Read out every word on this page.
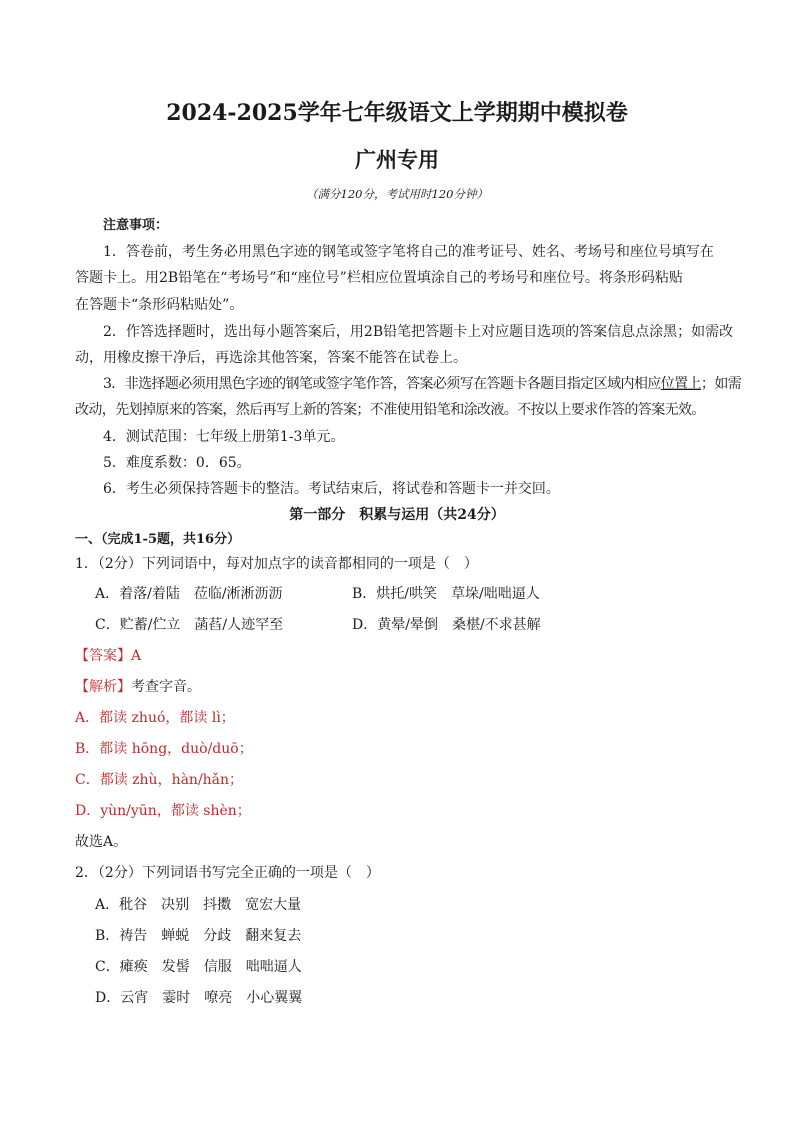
2024-2025学年七年级语文上学期期中模拟卷
广州专用
（满分120分，考试用时120分钟）
注意事项：
1．答卷前，考生务必用黑色字迹的钢笔或签字笔将自己的准考证号、姓名、考场号和座位号填写在
答题卡上。用2B铅笔在“考场号”和“座位号”栏相应位置填涂自己的考场号和座位号。将条形码粘贴
在答题卡“条形码粘贴处”。
2．作答选择题时，选出每小题答案后，用2B铅笔把答题卡上对应题目选项的答案信息点涂黑；如需改
动，用橡皮擦干净后，再选涂其他答案，答案不能答在试卷上。
3．非选择题必须用黑色字迹的钢笔或签字笔作答，答案必须写在答题卡各题目指定区域内相应位置上；如需
改动，先划掉原来的答案，然后再写上新的答案；不准使用铅笔和涂改液。不按以上要求作答的答案无效。
4．测试范围：七年级上册第1-3单元。
5．难度系数：0．65。
6．考生必须保持答题卡的整洁。考试结束后，将试卷和答题卡一并交回。
第一部分　积累与运用（共24分）
一、（完成1-5题，共16分）
1．（2分）下列词语中，每对加点字的读音都相同的一项是（　）
A．着落/着陆　莅临/淅淅沥沥	B．烘托/哄笑　草垛/咄咄逼人
C．贮蓄/伫立　菡萏/人迹罕至	D．黄晕/晕倒　桑椹/不求甚解
【答案】A
【解析】考查字音。
A．都读 zhuó，都读 lì；
B．都读 hōng，duò/duō；
C．都读 zhù，hàn/hǎn；
D．yùn/yūn，都读 shèn；
故选A。
2．（2分）下列词语书写完全正确的一项是（　）
A．秕谷　决别　抖擞　宽宏大量
B．祷告　蝉蜕　分歧　翻来复去
C．瘫痪　发髻　信服　咄咄逼人
D．云宵　霎时　嘹亮　小心翼翼
